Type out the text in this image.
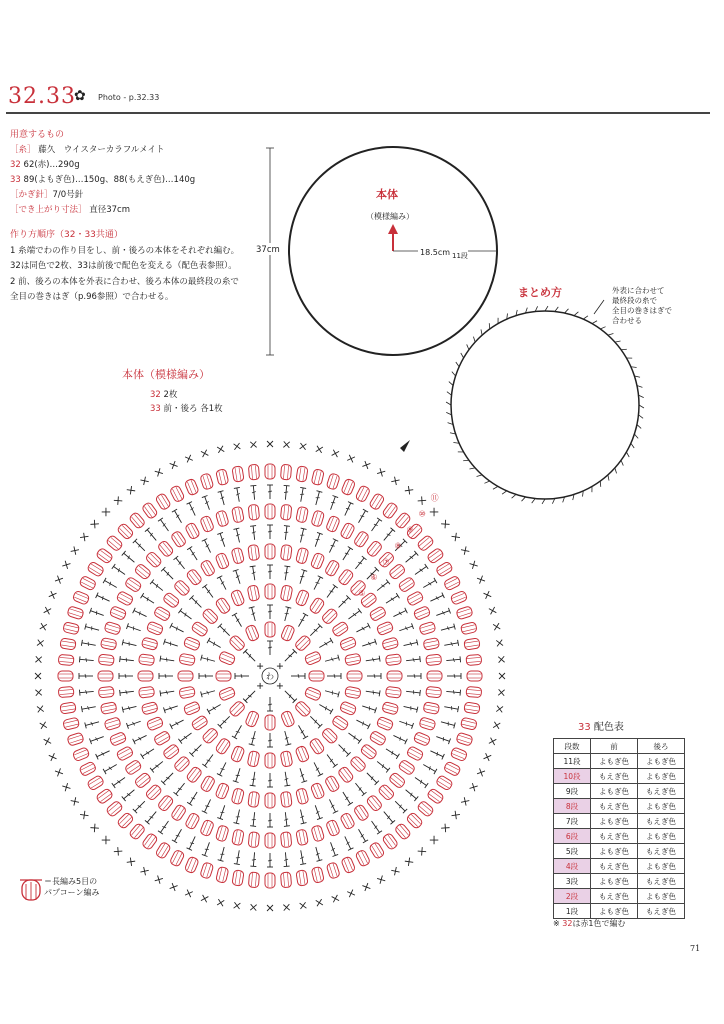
32.33
✿ Photo - p.32.33
用意するもの
［糸］ 藤久　ウイスターカラフルメイト
32 62(赤)…290g
33 89(よもぎ色)…150g、88(もえぎ色)…140g
［かぎ針］7/0号針
［でき上がり寸法］ 直径37cm
作り方順序（32・33共通）
1 糸端でわの作り目をし、前・後ろの本体をそれぞれ編む。32は同色で2枚、33は前後で配色を変える（配色表参照）。
2 前、後ろの本体を外表に合わせ、後ろ本体の最終段の糸で全目の巻きはぎ（p.96参照）で合わせる。
37cm
本体
（模様編み）
18.5cm 11段
まとめ方	外表に合わせて
最終段の糸で
全目の巻きはぎで
合わせる
わ
⑤
⑥
⑦
⑧
⑨
⑩
⑪
本体（模様編み）
32 2枚
33 前・後ろ 各1枚
＝長編み5目の
パプコーン編み
33 配色表
段数	前	後ろ
11段	よもぎ色	よもぎ色
10段	もえぎ色	よもぎ色
9段	よもぎ色	もえぎ色
8段	もえぎ色	よもぎ色
7段	よもぎ色	もえぎ色
6段	もえぎ色	よもぎ色
5段	よもぎ色	もえぎ色
4段	もえぎ色	よもぎ色
3段	よもぎ色	もえぎ色
2段	もえぎ色	よもぎ色
1段	よもぎ色	もえぎ色
※ 32は赤1色で編む
71
